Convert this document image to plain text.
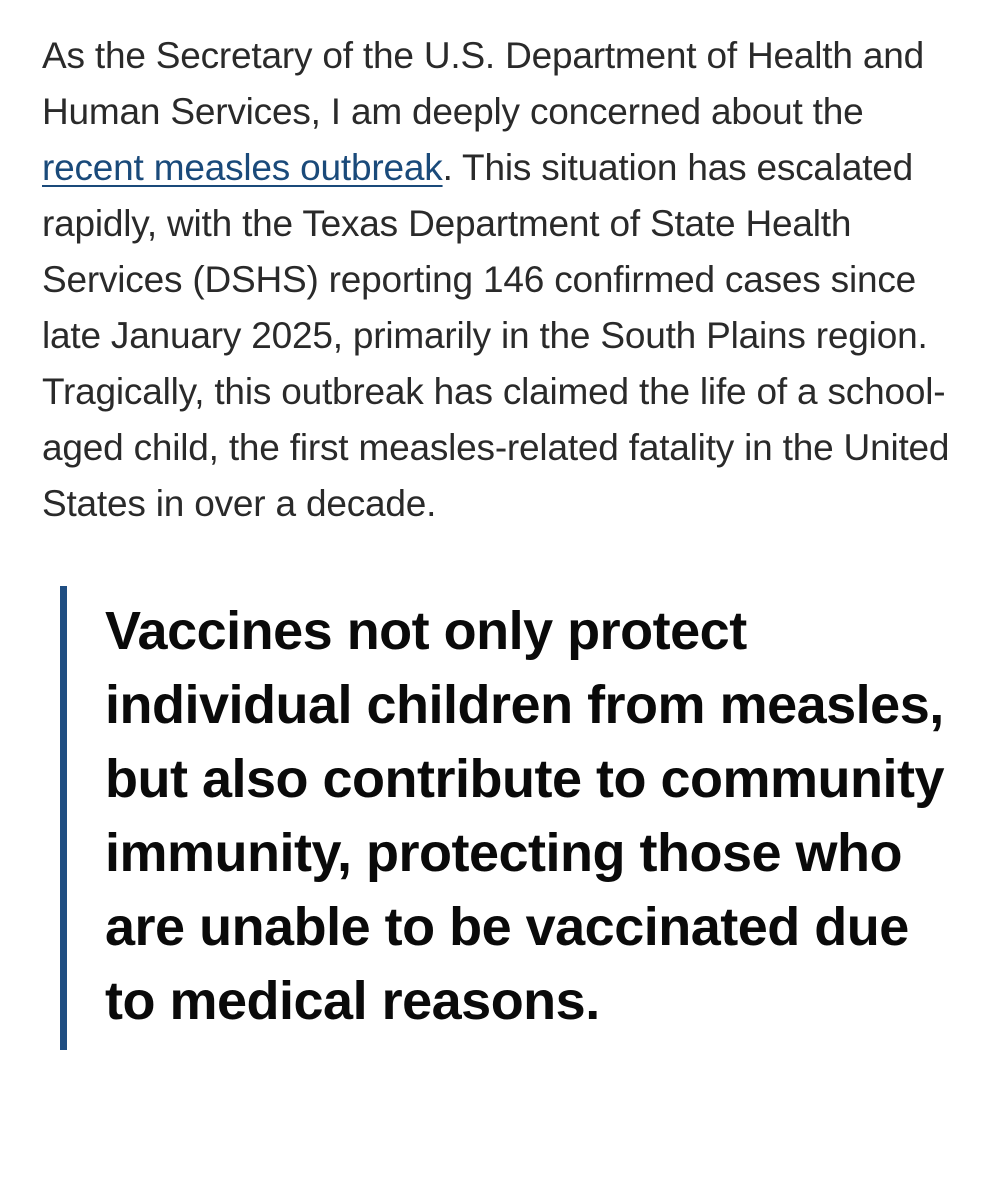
As the Secretary of the U.S. Department of Health and Human Services, I am deeply concerned about the recent measles outbreak. This situation has escalated rapidly, with the Texas Department of State Health Services (DSHS) reporting 146 confirmed cases since late January 2025, primarily in the South Plains region. Tragically, this outbreak has claimed the life of a school-aged child, the first measles-related fatality in the United States in over a decade.

Vaccines not only protect individual children from measles, but also contribute to community immunity, protecting those who are unable to be vaccinated due to medical reasons.
